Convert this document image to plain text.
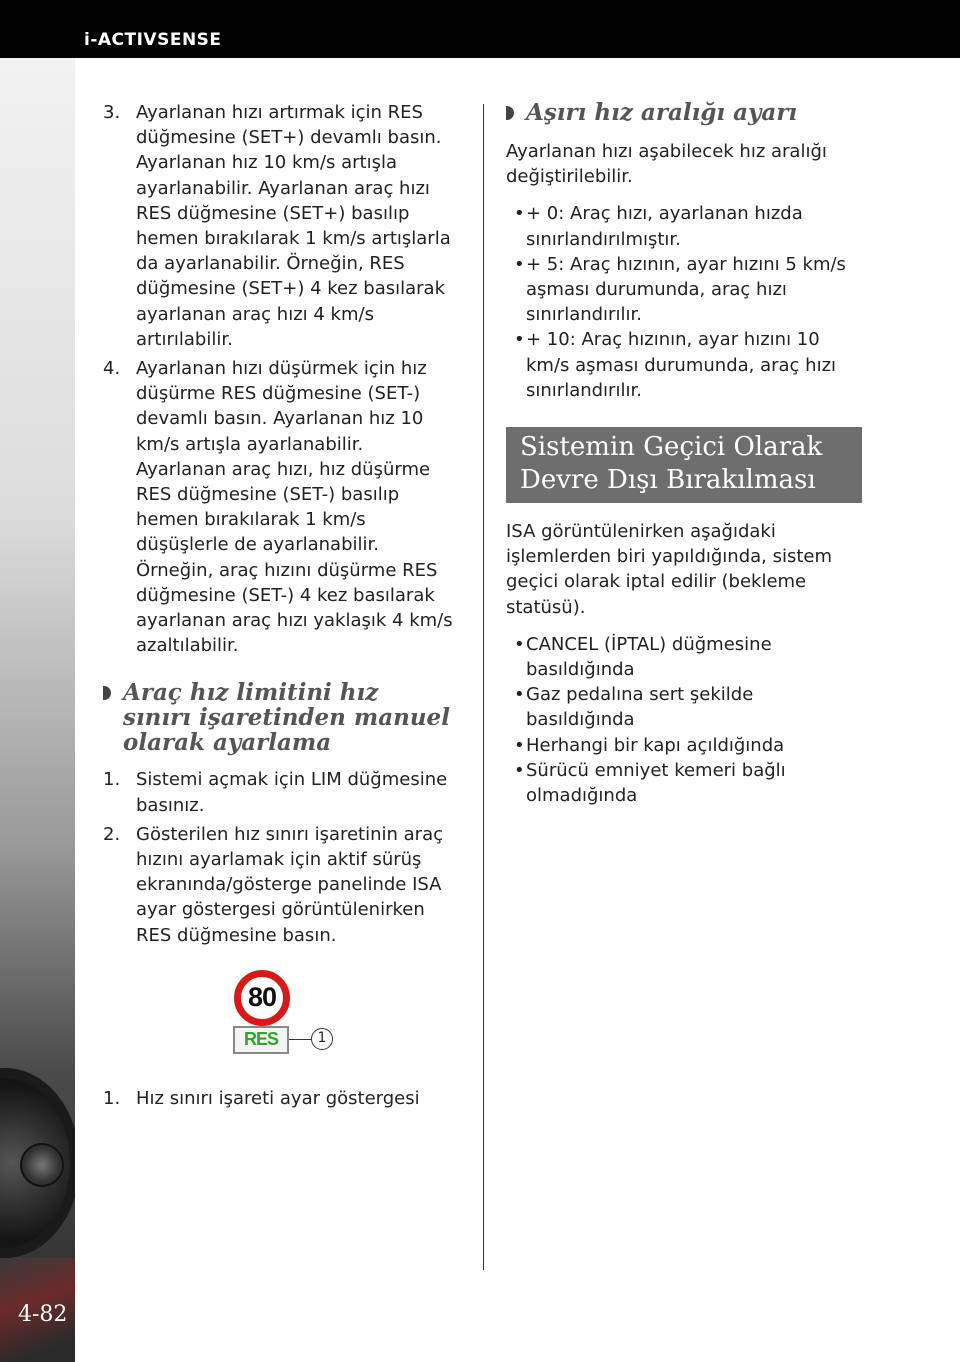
i-ACTIVSENSE
4-82
3. Ayarlanan hızı artırmak için RES düğmesine (SET+) devamlı basın. Ayarlanan hız 10 km/s artışla ayarlanabilir. Ayarlanan araç hızı RES düğmesine (SET+) basılıp hemen bırakılarak 1 km/s artışlarla da ayarlanabilir. Örneğin, RES düğmesine (SET+) 4 kez basılarak ayarlanan araç hızı 4 km/s artırılabilir.
4. Ayarlanan hızı düşürmek için hız düşürme RES düğmesine (SET-) devamlı basın. Ayarlanan hız 10 km/s artışla ayarlanabilir. Ayarlanan araç hızı, hız düşürme RES düğmesine (SET-) basılıp hemen bırakılarak 1 km/s düşüşlerle de ayarlanabilir. Örneğin, araç hızını düşürme RES düğmesine (SET-) 4 kez basılarak ayarlanan araç hızı yaklaşık 4 km/s azaltılabilir.
Araç hız limitini hız sınırı işaretinden manuel olarak ayarlama
1. Sistemi açmak için LIM düğmesine basınız.
2. Gösterilen hız sınırı işaretinin araç hızını ayarlamak için aktif sürüş ekranında/gösterge panelinde ISA ayar göstergesi görüntülenirken RES düğmesine basın.
80
RES	1
1. Hız sınırı işareti ayar göstergesi
Aşırı hız aralığı ayarı
Ayarlanan hızı aşabilecek hız aralığı değiştirilebilir.
• + 0: Araç hızı, ayarlanan hızda sınırlandırılmıştır.
• + 5: Araç hızının, ayar hızını 5 km/s aşması durumunda, araç hızı sınırlandırılır.
• + 10: Araç hızının, ayar hızını 10 km/s aşması durumunda, araç hızı sınırlandırılır.
Sistemin Geçici Olarak Devre Dışı Bırakılması
ISA görüntülenirken aşağıdaki işlemlerden biri yapıldığında, sistem geçici olarak iptal edilir (bekleme statüsü).
• CANCEL (İPTAL) düğmesine basıldığında
• Gaz pedalına sert şekilde basıldığında
• Herhangi bir kapı açıldığında
• Sürücü emniyet kemeri bağlı olmadığında
